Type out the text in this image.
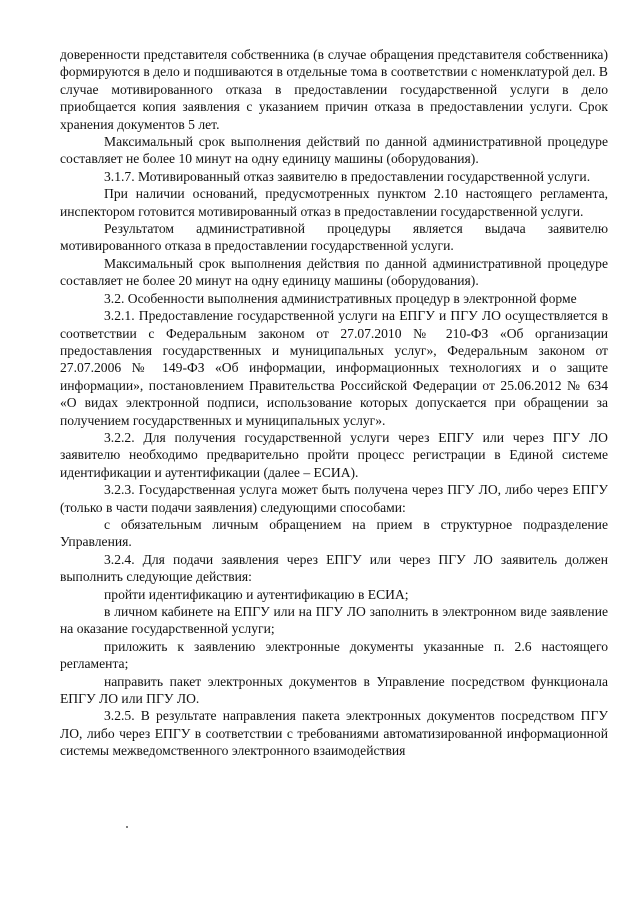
доверенности представителя собственника (в случае обращения представителя собственника) формируются в дело и подшиваются в отдельные тома в соответствии с номенклатурой дел. В случае мотивированного отказа в предоставлении государственной услуги в дело приобщается копия заявления с указанием причин отказа в предоставлении услуги. Срок хранения документов 5 лет.

Максимальный срок выполнения действий по данной административной процедуре составляет не более 10 минут на одну единицу машины (оборудования).

3.1.7. Мотивированный отказ заявителю в предоставлении государственной услуги.

При наличии оснований, предусмотренных пунктом 2.10 настоящего регламента, инспектором готовится мотивированный отказ в предоставлении государственной услуги.

Результатом административной процедуры является выдача заявителю мотивированного отказа в предоставлении государственной услуги.

Максимальный срок выполнения действия по данной административной процедуре составляет не более 20 минут на одну единицу машины (оборудования).

3.2. Особенности выполнения административных процедур в электронной форме

3.2.1. Предоставление государственной услуги на ЕПГУ и ПГУ ЛО осуществляется в соответствии с Федеральным законом от 27.07.2010 № 210-ФЗ «Об организации предоставления государственных и муниципальных услуг», Федеральным законом от 27.07.2006 № 149-ФЗ «Об информации, информационных технологиях и о защите информации», постановлением Правительства Российской Федерации от 25.06.2012 № 634 «О видах электронной подписи, использование которых допускается при обращении за получением государственных и муниципальных услуг».

3.2.2. Для получения государственной услуги через ЕПГУ или через ПГУ ЛО заявителю необходимо предварительно пройти процесс регистрации в Единой системе идентификации и аутентификации (далее – ЕСИА).

3.2.3. Государственная услуга может быть получена через ПГУ ЛО, либо через ЕПГУ (только в части подачи заявления) следующими способами:

с обязательным личным обращением на прием в структурное подразделение Управления.

3.2.4. Для подачи заявления через ЕПГУ или через ПГУ ЛО заявитель должен выполнить следующие действия:

пройти идентификацию и аутентификацию в ЕСИА;

в личном кабинете на ЕПГУ или на ПГУ ЛО заполнить в электронном виде заявление на оказание государственной услуги;

приложить к заявлению электронные документы указанные п. 2.6 настоящего регламента;

направить пакет электронных документов в Управление посредством функционала ЕПГУ ЛО или ПГУ ЛО.

3.2.5. В результате направления пакета электронных документов посредством ПГУ ЛО, либо через ЕПГУ в соответствии с требованиями автоматизированной информационной системы межведомственного электронного взаимодействия
